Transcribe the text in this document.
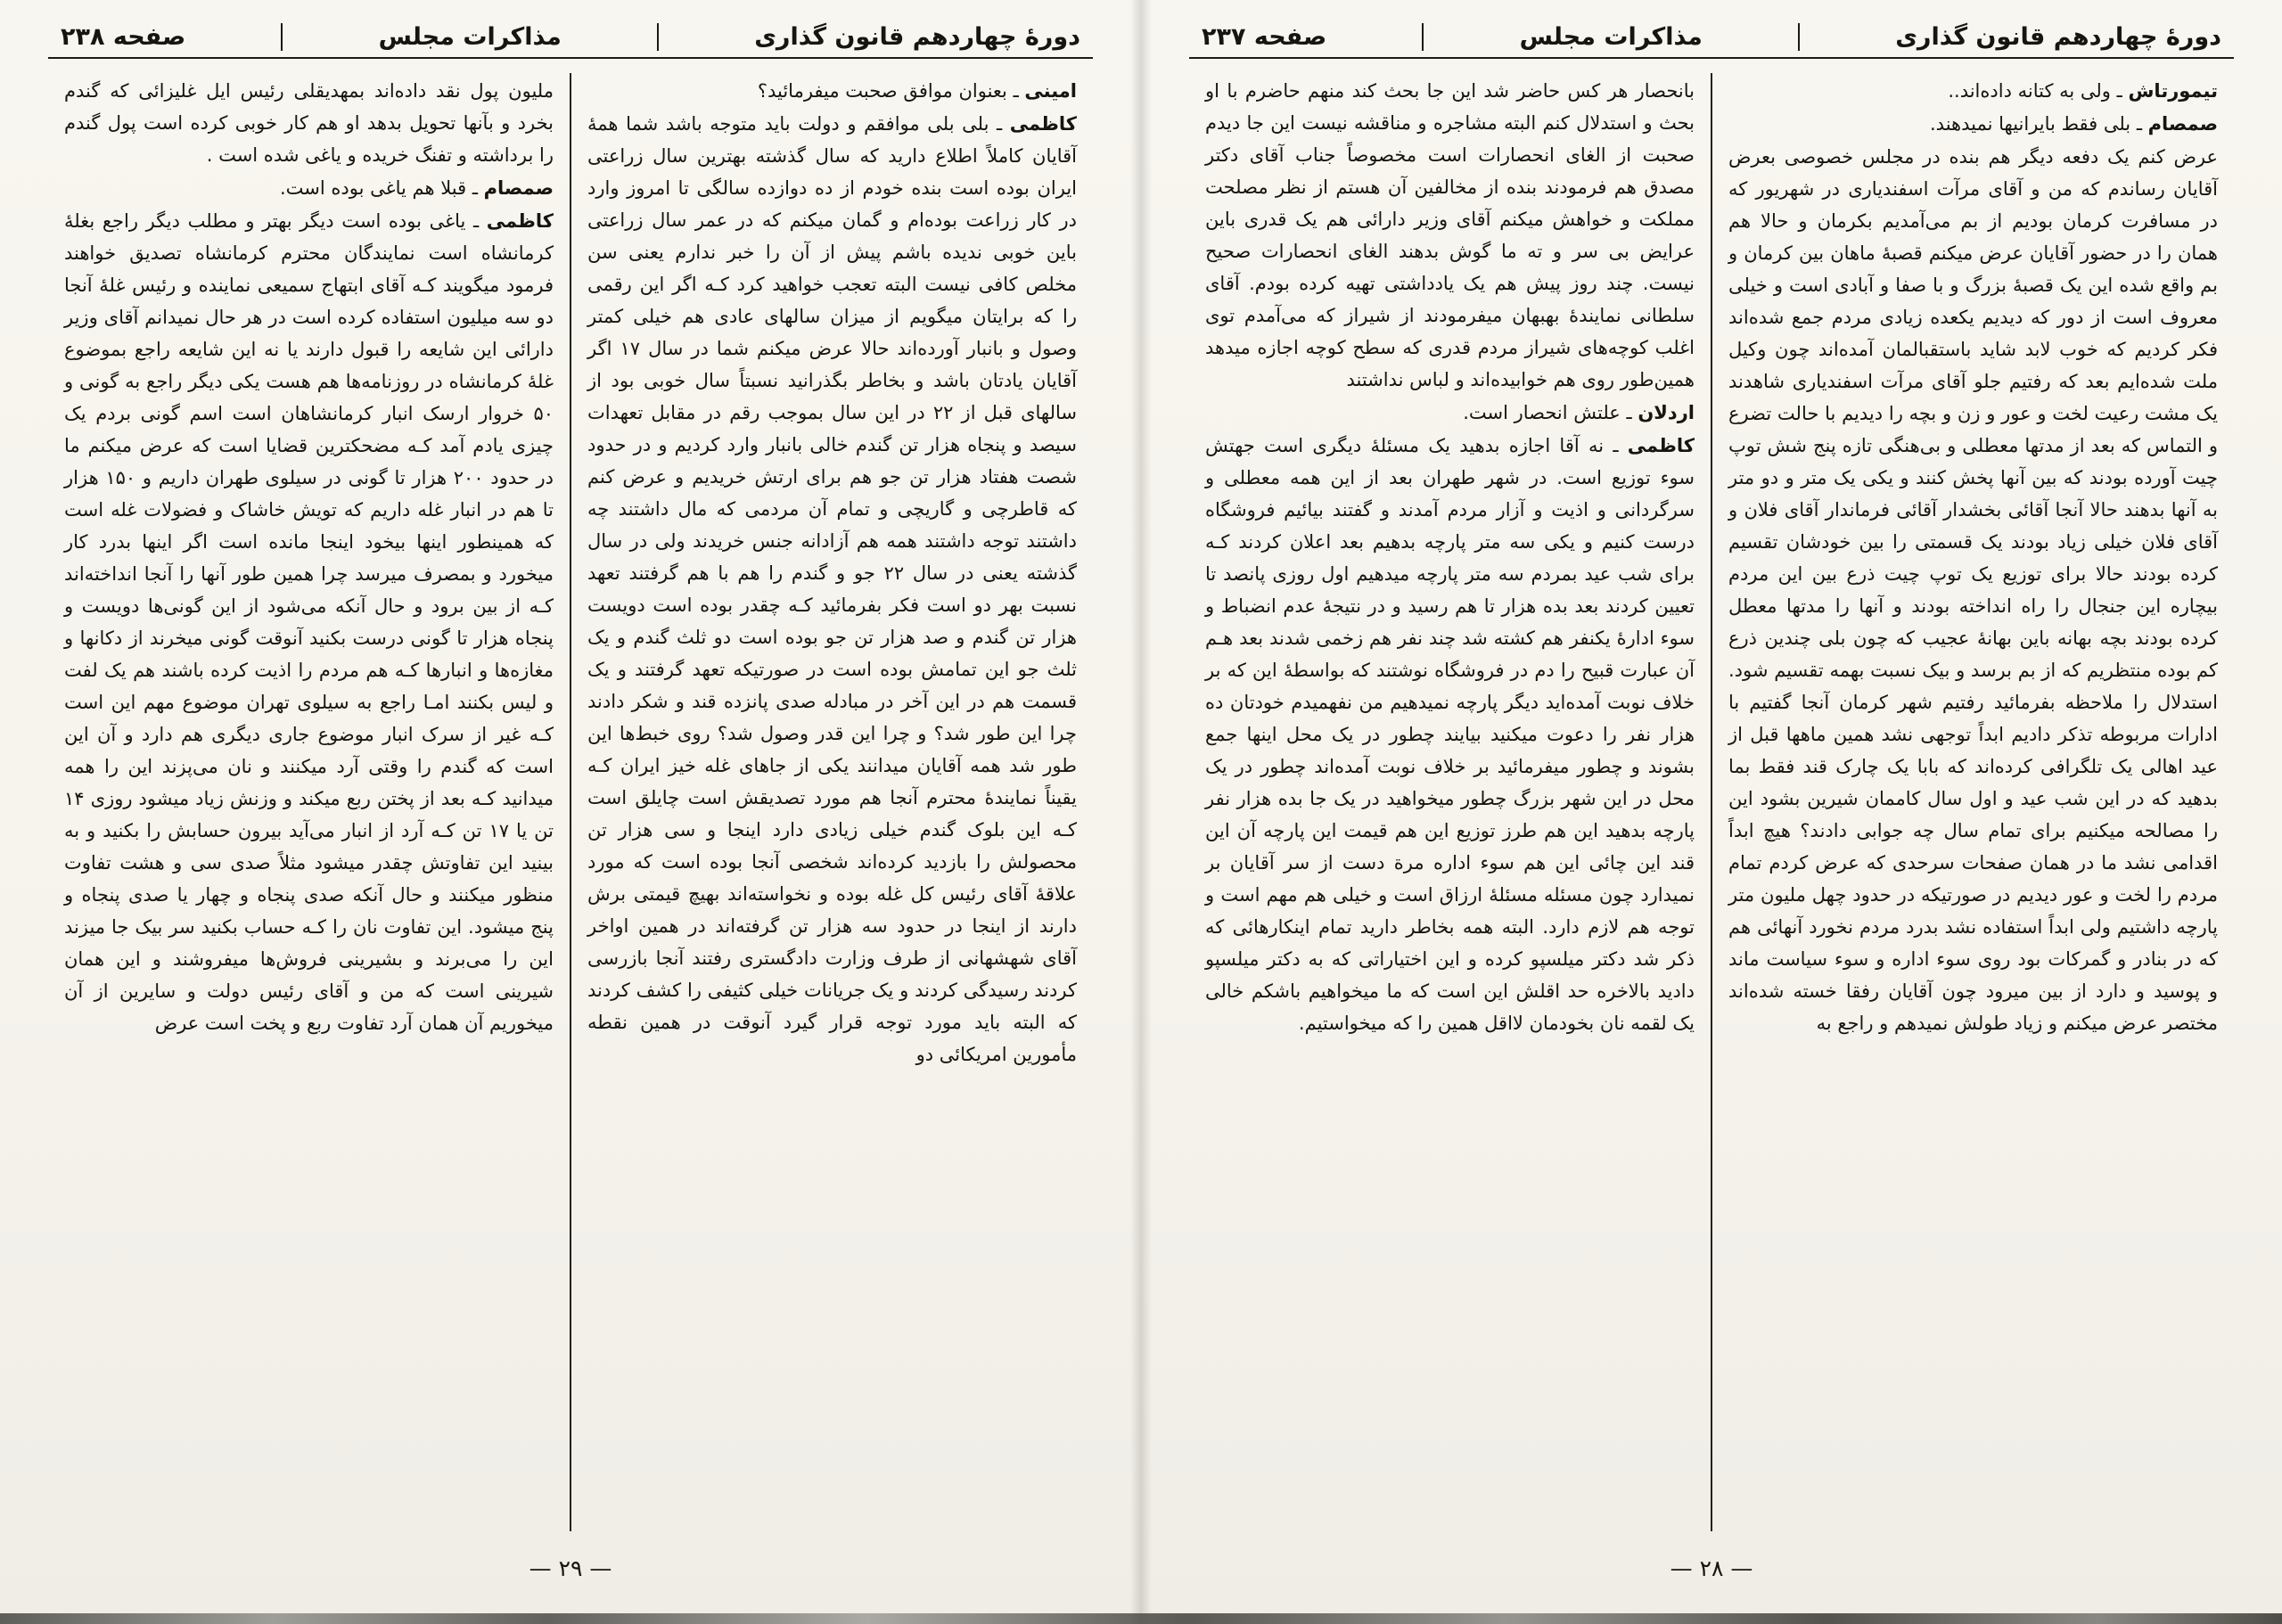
دورهٔ چهاردهم قانون گذاری
مذاکرات مجلس
صفحه ۲۳۷

تیمورتاش ـ ولی به کتانه داده‌اند..

صمصام ـ بلی فقط بایرانیها نمیدهند.

عرض کنم یک دفعه دیگر هم بنده در مجلس خصوصی بعرض آقایان رساندم که من و آقای مرآت اسفندیاری در شهریور که در مسافرت کرمان بودیم از بم می‌آمدیم بکرمان و حالا هم همان را در حضور آقایان عرض میکنم قصبهٔ ماهان بین کرمان و بم واقع شده این یک قصبهٔ بزرگ و با صفا و آبادی است و خیلی معروف است از دور که دیدیم یکعده زیادی مردم جمع شده‌اند فکر کردیم که خوب لابد شاید باستقبالمان آمده‌اند چون وکیل ملت شده‌ایم بعد که رفتیم جلو آقای مرآت اسفندیاری شاهدند یک مشت رعیت لخت و عور و زن و بچه را دیدیم با حالت تضرع و التماس که بعد از مدتها معطلی و بی‌هنگی تازه پنج شش توپ چیت آورده بودند که بین آنها پخش کنند و یکی یک متر و دو متر به آنها بدهند حالا آنجا آقائی بخشدار آقائی فرماندار آقای فلان و آقای فلان خیلی زیاد بودند یک قسمتی را بین خودشان تقسیم کرده بودند حالا برای توزیع یک توپ چیت ذرع بین این مردم بیچاره این جنجال را راه انداخته بودند و آنها را مدتها معطل کرده بودند بچه بهانه باین بهانهٔ عجیب که چون بلی چندین ذرع کم بوده منتظریم که از بم برسد و بیک نسبت بهمه تقسیم شود. استدلال را ملاحظه بفرمائید رفتیم شهر کرمان آنجا گفتیم با ادارات مربوطه تذکر دادیم ابداً توجهی نشد همین ماهها قبل از عید اهالی یک تلگرافی کرده‌اند که بابا یک چارک قند فقط بما بدهید که در این شب عید و اول سال کاممان شیرین بشود این را مصالحه میکنیم برای تمام سال چه جوابی دادند؟ هیچ ابداً اقدامی نشد ما در همان صفحات سرحدی که عرض کردم تمام مردم را لخت و عور دیدیم در صورتیکه در حدود چهل ملیون متر پارچه داشتیم ولی ابداً استفاده نشد بدرد مردم نخورد آنهائی هم که در بنادر و گمرکات بود روی سوء اداره و سوء سیاست ماند و پوسید و دارد از بین میرود چون آقایان رفقا خسته شده‌اند مختصر عرض میکنم و زیاد طولش نمیدهم و راجع به

بانحصار هر کس حاضر شد این جا بحث کند منهم حاضرم با او بحث و استدلال کنم البته مشاجره و مناقشه نیست این جا دیدم صحبت از الغای انحصارات است مخصوصاً جناب آقای دکتر مصدق هم فرمودند بنده از مخالفین آن هستم از نظر مصلحت مملکت و خواهش میکنم آقای وزیر دارائی هم یک قدری باین عرایض بی سر و ته ما گوش بدهند الغای انحصارات صحیح نیست. چند روز پیش هم یک یادداشتی تهیه کرده بودم. آقای سلطانی نمایندهٔ بهبهان میفرمودند از شیراز که می‌آمدم توی اغلب کوچه‌های شیراز مردم قدری که سطح کوچه اجازه میدهد همین‌طور روی هم خوابیده‌اند و لباس نداشتند

اردلان ـ علتش انحصار است.

کاظمی ـ نه آقا اجازه بدهید یک مسئلهٔ دیگری است جهتش سوء توزیع است. در شهر طهران بعد از این همه معطلی و سرگردانی و اذیت و آزار مردم آمدند و گفتند بیائیم فروشگاه درست کنیم و یکی سه متر پارچه بدهیم بعد اعلان کردند کـه برای شب عید بمردم سه متر پارچه میدهیم اول روزی پانصد تا تعیین کردند بعد بده هزار تا هم رسید و در نتیجهٔ عدم انضباط و سوء ادارهٔ یکنفر هم کشته شد چند نفر هم زخمی شدند بعد هـم آن عبارت قبیح را دم در فروشگاه نوشتند که بواسطهٔ این که بر خلاف نوبت آمده‌اید دیگر پارچه نمیدهیم من نفهمیدم خودتان ده هزار نفر را دعوت میکنید بیایند چطور در یک محل اینها جمع بشوند و چطور میفرمائید بر خلاف نوبت آمده‌اند چطور در یک محل در این شهر بزرگ چطور میخواهید در یک جا بده هزار نفر پارچه بدهید این هم طرز توزیع این هم قیمت این پارچه آن این قند این چائی این هم سوء اداره مرة دست از سر آقایان بر نمیدارد چون مسئله مسئلهٔ ارزاق است و خیلی هم مهم است و توجه هم لازم دارد. البته همه بخاطر دارید تمام اینکارهائی که ذکر شد دکتر میلسپو کرده و این اختیاراتی که به دکتر میلسپو دادید بالاخره حد اقلش این است که ما میخواهیم باشکم خالی یک لقمه نان بخودمان لااقل همین را که میخواستیم.

— ۲۸ —
دورهٔ چهاردهم قانون گذاری
مذاکرات مجلس
صفحه ۲۳۸

امینی ـ بعنوان موافق صحبت میفرمائید؟

کاظمی ـ بلی بلی موافقم و دولت باید متوجه باشد شما همهٔ آقایان کاملاً اطلاع دارید که سال گذشته بهترین سال زراعتی ایران بوده است بنده خودم از ده دوازده سالگی تا امروز وارد در کار زراعت بوده‌ام و گمان میکنم که در عمر سال زراعتی باین خوبی ندیده باشم پیش از آن را خبر ندارم یعنی سن مخلص کافی نیست البته تعجب خواهید کرد کـه اگر این رقمی را که برایتان میگویم از میزان سالهای عادی هم خیلی کمتر وصول و بانبار آورده‌اند حالا عرض میکنم شما در سال ۱۷ اگر آقایان یادتان باشد و بخاطر بگذرانید نسبتاً سال خوبی بود از سالهای قبل از ۲۲ در این سال بموجب رقم در مقابل تعهدات سیصد و پنجاه هزار تن گندم خالی بانبار وارد کردیم و در حدود شصت هفتاد هزار تن جو هم برای ارتش خریدیم و عرض کنم که قاطرچی و گاریچی و تمام آن مردمی که مال داشتند چه داشتند توجه داشتند همه هم آزادانه جنس خریدند ولی در سال گذشته یعنی در سال ۲۲ جو و گندم را هم با هم گرفتند تعهد نسبت بهر دو است فکر بفرمائید کـه چقدر بوده است دویست هزار تن گندم و صد هزار تن جو بوده است دو ثلث گندم و یک ثلث جو این تمامش بوده است در صورتیکه تعهد گرفتند و یک قسمت هم در این آخر در مبادله صدی پانزده قند و شکر دادند چرا این طور شد؟ و چرا این قدر وصول شد؟ روی خبط‌ها این طور شد همه آقایان میدانند یکی از جاهای غله خیز ایران کـه یقیناً نمایندهٔ محترم آنجا هم مورد تصدیقش است چایلق است کـه این بلوک گندم خیلی زیادی دارد اینجا و سی هزار تن محصولش را بازدید کرده‌اند شخصی آنجا بوده است که مورد علاقهٔ آقای رئیس کل غله بوده و نخواسته‌اند بهیچ قیمتی برش دارند از اینجا در حدود سه هزار تن گرفته‌اند در همین اواخر آقای شهشهانی از طرف وزارت دادگستری رفتند آنجا بازرسی کردند رسیدگی کردند و یک جریانات خیلی کثیفی را کشف کردند که البته باید مورد توجه قرار گیرد آنوقت در همین نقطه مأمورین امریکائی دو

ملیون پول نقد داده‌اند بمهدیقلی رئیس ایل غلیزائی که گندم بخرد و بآنها تحویل بدهد او هم کار خوبی کرده است پول گندم را برداشته و تفنگ خریده و یاغی شده است .

صمصام ـ قبلا هم یاغی بوده است.

کاظمی ـ یاغی بوده است دیگر بهتر و مطلب دیگر راجع بغلهٔ کرمانشاه است نمایندگان محترم کرمانشاه تصدیق خواهند فرمود میگویند کـه آقای ابتهاج سمیعی نماینده و رئیس غلهٔ آنجا دو سه میلیون استفاده کرده است در هر حال نمیدانم آقای وزیر دارائی این شایعه را قبول دارند یا نه این شایعه راجع بموضوع غلهٔ کرمانشاه در روزنامه‌ها هم هست یکی دیگر راجع به گونی و ۵۰ خروار ارسک انبار کرمانشاهان است اسم گونی بردم یک چیزی یادم آمد کـه مضحکترین قضایا است که عرض میکنم ما در حدود ۲۰۰ هزار تا گونی در سیلوی طهران داریم و ۱۵۰ هزار تا هم در انبار غله داریم که تویش خاشاک و فضولات غله است که همینطور اینها بیخود اینجا مانده است اگر اینها بدرد کار میخورد و بمصرف میرسد چرا همین طور آنها را آنجا انداخته‌اند کـه از بین برود و حال آنکه می‌شود از این گونی‌ها دویست و پنجاه هزار تا گونی درست بکنید آنوقت گونی میخرند از دکانها و مغازه‌ها و انبارها کـه هم مردم را اذیت کرده باشند هم یک لفت و لیس بکنند امـا راجع به سیلوی تهران موضوع مهم این است کـه غیر از سرک انبار موضوع جاری دیگری هم دارد و آن این است که گندم را وقتی آرد میکنند و نان می‌پزند این را همه میدانید کـه بعد از پختن ربع میکند و وزنش زیاد میشود روزی ۱۴ تن یا ۱۷ تن کـه آرد از انبار می‌آید بیرون حسابش را بکنید و به بینید این تفاوتش چقدر میشود مثلاً صدی سی و هشت تفاوت منظور میکنند و حال آنکه صدی پنجاه و چهار یا صدی پنجاه و پنج میشود. این تفاوت نان را کـه حساب بکنید سر بیک جا میزند این را می‌برند و بشیرینی فروش‌ها میفروشند و این همان شیرینی است که من و آقای رئیس دولت و سایرین از آن میخوریم آن همان آرد تفاوت ربع و پخت است عرض

— ۲۹ —
